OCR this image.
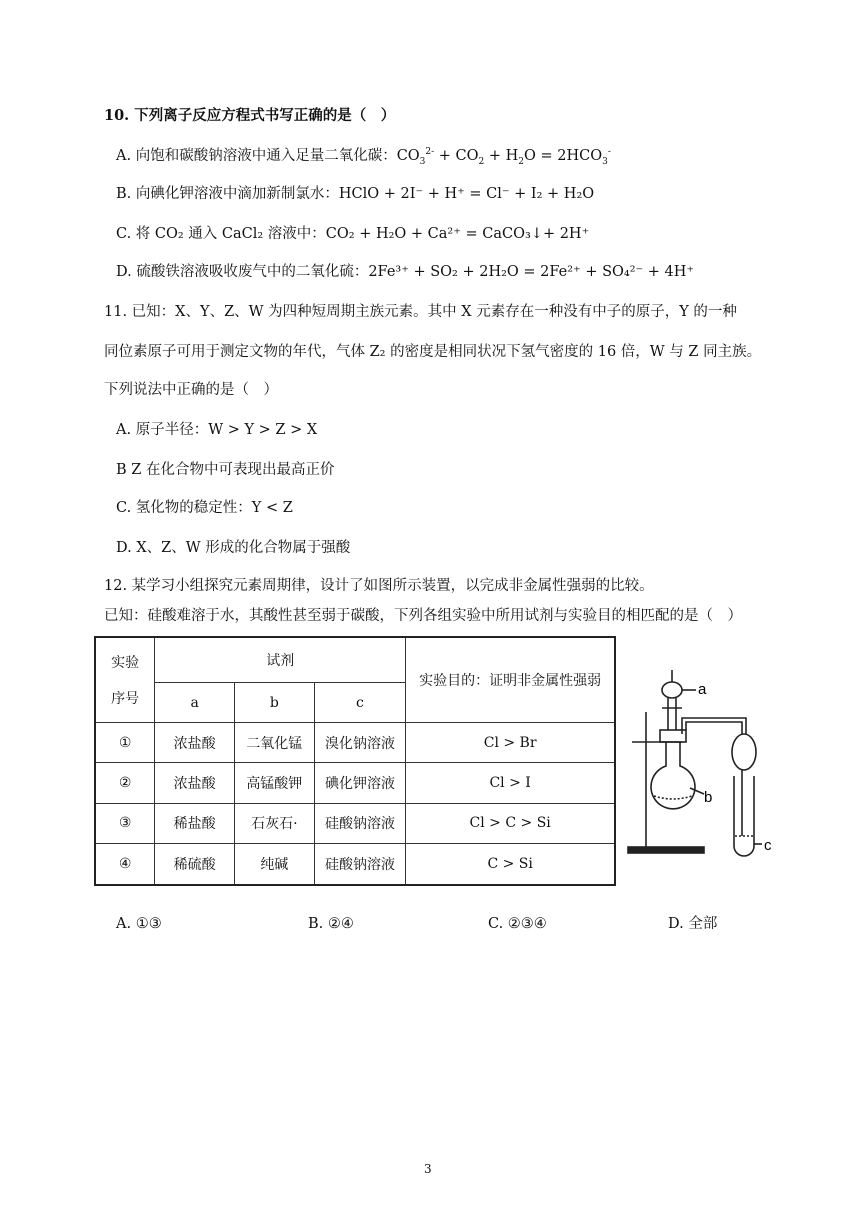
10. 下列离子反应方程式书写正确的是（　）
A. 向饱和碳酸钠溶液中通入足量二氧化碳：$CO_3^{2-} + CO_2 + H_2O = 2HCO_3^-$
B. 向碘化钾溶液中滴加新制氯水：HClO + 2I⁻ + H⁺ = Cl⁻ + I₂ + H₂O
C. 将 CO₂ 通入 CaCl₂ 溶液中：CO₂ + H₂O + Ca²⁺ = CaCO₃↓+ 2H⁺
D. 硫酸铁溶液吸收废气中的二氧化硫：2Fe³⁺ + SO₂ + 2H₂O = 2Fe²⁺ + SO₄²⁻ + 4H⁺
11. 已知：X、Y、Z、W 为四种短周期主族元素。其中 X 元素存在一种没有中子的原子，Y 的一种
同位素原子可用于测定文物的年代，气体 Z₂ 的密度是相同状况下氢气密度的 16 倍，W 与 Z 同主族。
下列说法中正确的是（　）
A. 原子半径：W > Y > Z > X
B Z 在化合物中可表现出最高正价
C. 氢化物的稳定性：Y < Z
D. X、Z、W 形成的化合物属于强酸
12. 某学习小组探究元素周期律，设计了如图所示装置，以完成非金属性强弱的比较。
已知：硅酸难溶于水，其酸性甚至弱于碳酸，下列各组实验中所用试剂与实验目的相匹配的是（　）
实验

序号	试剂			实验目的：证明非金属性强弱
	a	b	c	
①	浓盐酸	二氧化锰	溴化钠溶液	Cl > Br
②	浓盐酸	高锰酸钾	碘化钾溶液	Cl > I
③	稀盐酸	石灰石·	硅酸钠溶液	Cl > C > Si
④	稀硫酸	纯碱	硅酸钠溶液	C > Si
a
b
c
A. ①③	B. ②④	C. ②③④	D. 全部
3
